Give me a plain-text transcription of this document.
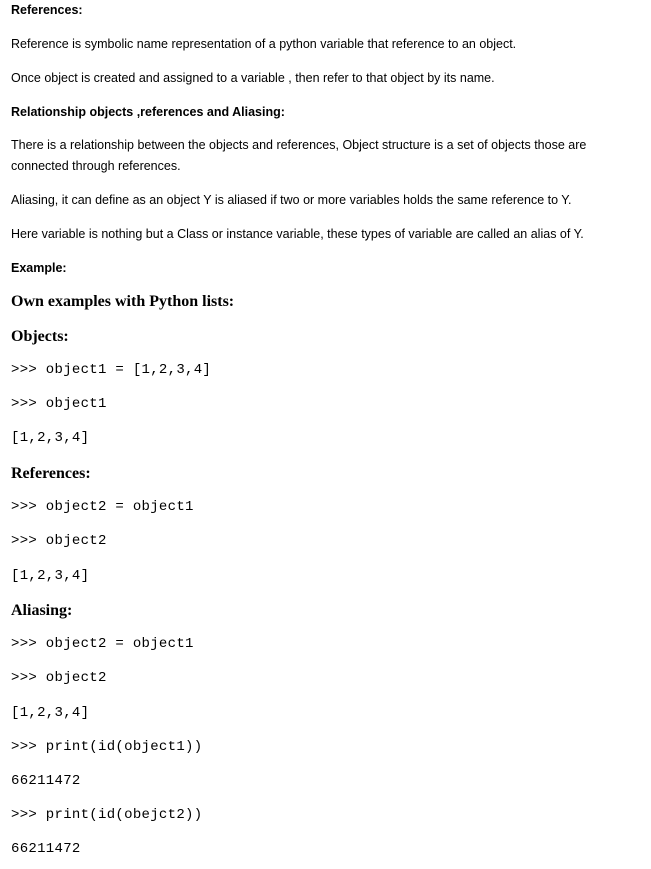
References:
Reference is symbolic name representation of a python variable that reference to an object.
Once object is created and assigned to a variable , then refer to that object by its name.
Relationship objects ,references and Aliasing:
There is a relationship between the objects and references, Object structure is a set of objects those are connected through references.
Aliasing, it can define as an object Y is aliased if two or more variables holds the same reference to Y.
Here variable is nothing but a Class or instance variable, these types of variable are called an alias of Y.
Example:
Own examples with Python lists:
Objects:
>>> object1 = [1,2,3,4]
>>> object1
[1,2,3,4]
References:
>>> object2 = object1
>>> object2
[1,2,3,4]
Aliasing:
>>> object2 = object1
>>> object2
[1,2,3,4]
>>> print(id(object1))
66211472
>>> print(id(obejct2))
66211472
